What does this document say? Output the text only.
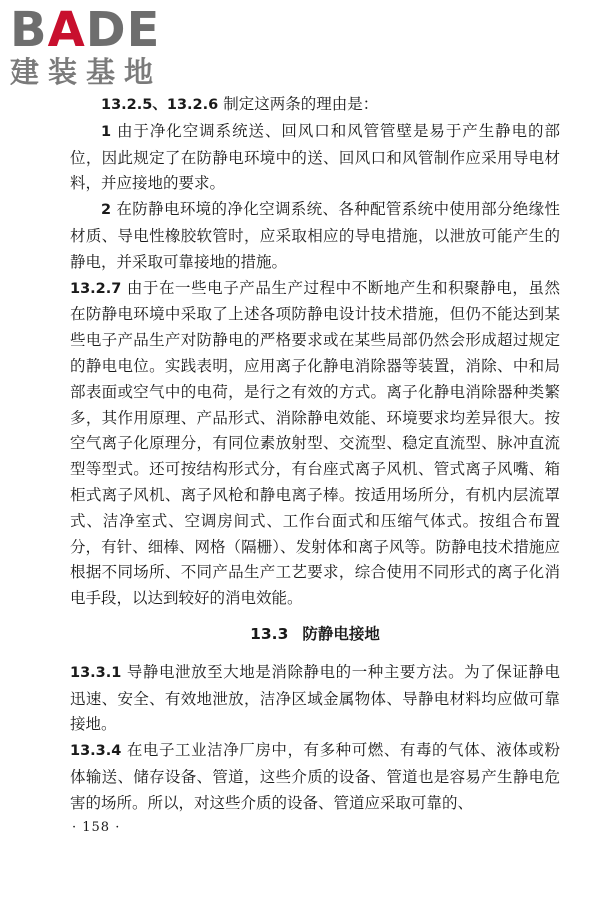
BADE
建装基地

13.2.5、13.2.6 制定这两条的理由是：

1 由于净化空调系统送、回风口和风管管壁是易于产生静电的部位，因此规定了在防静电环境中的送、回风口和风管制作应采用导电材料，并应接地的要求。

2 在防静电环境的净化空调系统、各种配管系统中使用部分绝缘性材质、导电性橡胶软管时，应采取相应的导电措施，以泄放可能产生的静电，并采取可靠接地的措施。

13.2.7 由于在一些电子产品生产过程中不断地产生和积聚静电，虽然在防静电环境中采取了上述各项防静电设计技术措施，但仍不能达到某些电子产品生产对防静电的严格要求或在某些局部仍然会形成超过规定的静电电位。实践表明，应用离子化静电消除器等装置，消除、中和局部表面或空气中的电荷，是行之有效的方式。离子化静电消除器种类繁多，其作用原理、产品形式、消除静电效能、环境要求均差异很大。按空气离子化原理分，有同位素放射型、交流型、稳定直流型、脉冲直流型等型式。还可按结构形式分，有台座式离子风机、管式离子风嘴、箱柜式离子风机、离子风枪和静电离子棒。按适用场所分，有机内层流罩式、洁净室式、空调房间式、工作台面式和压缩气体式。按组合布置分，有针、细棒、网格（隔栅）、发射体和离子风等。防静电技术措施应根据不同场所、不同产品生产工艺要求，综合使用不同形式的离子化消电手段，以达到较好的消电效能。

13.3 防静电接地

13.3.1 导静电泄放至大地是消除静电的一种主要方法。为了保证静电迅速、安全、有效地泄放，洁净区域金属物体、导静电材料均应做可靠接地。

13.3.4 在电子工业洁净厂房中，有多种可燃、有毒的气体、液体或粉体输送、储存设备、管道，这些介质的设备、管道也是容易产生静电危害的场所。所以，对这些介质的设备、管道应采取可靠的、

· 158 ·
